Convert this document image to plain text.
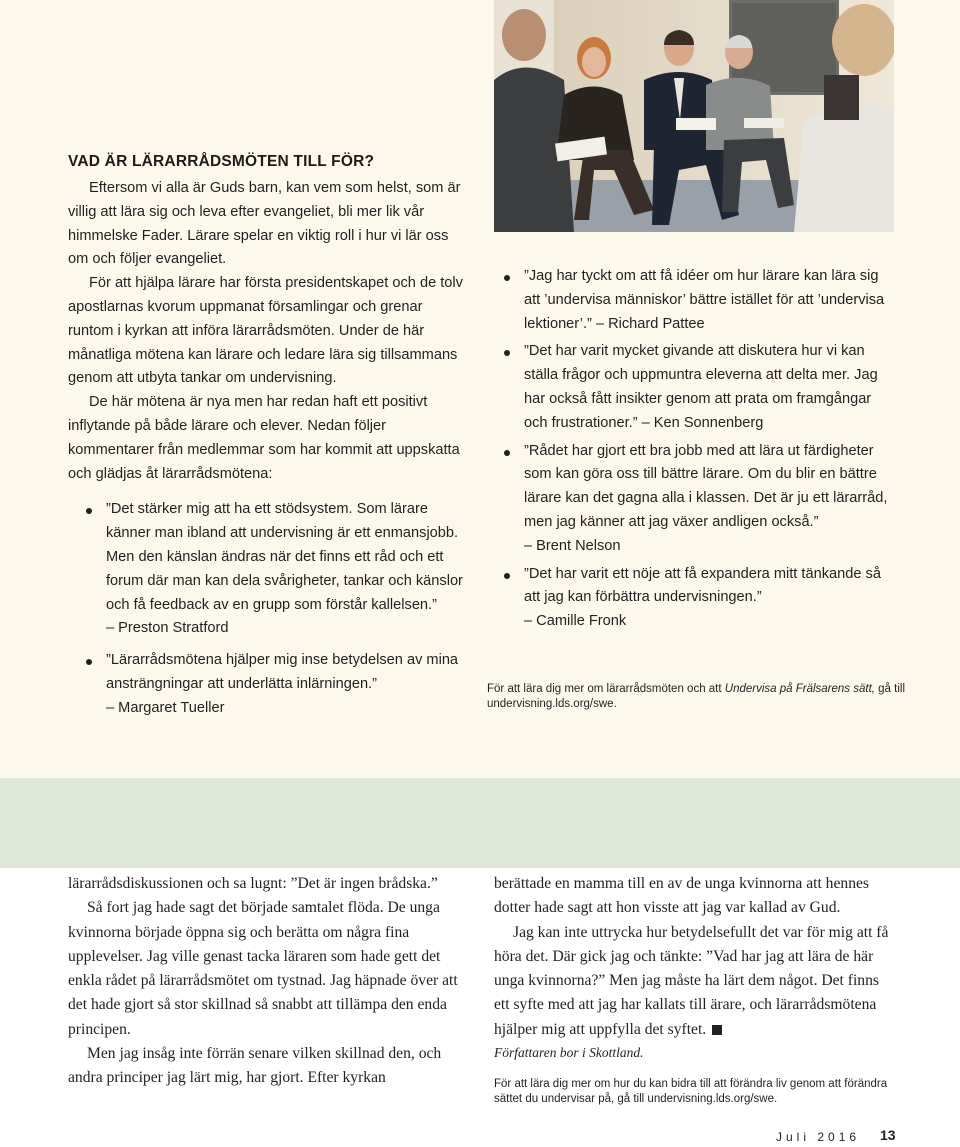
VAD ÄR LÄRARRÅDSMÖTEN TILL FÖR?

Eftersom vi alla är Guds barn, kan vem som helst, som är villig att lära sig och leva efter evangeliet, bli mer lik vår himmelske Fader. Lärare spelar en viktig roll i hur vi lär oss om och följer evangeliet.

För att hjälpa lärare har första presidentskapet och de tolv apostlarnas kvorum uppmanat församlingar och grenar runtom i kyrkan att införa lärarrådsmöten. Under de här månatliga mötena kan lärare och ledare lära sig tillsammans genom att utbyta tankar om undervisning.

De här mötena är nya men har redan haft ett positivt inflytande på både lärare och elever. Nedan följer kommentarer från medlemmar som har kommit att uppskatta och glädjas åt lärarrådsmötena:

”Det stärker mig att ha ett stödsystem. Som lärare känner man ibland att undervisning är ett enmansjobb. Men den känslan ändras när det finns ett råd och ett forum där man kan dela svårigheter, tankar och känslor och få feedback av en grupp som förstår kallelsen.”
– Preston Stratford
”Lärarrådsmötena hjälper mig inse betydelsen av mina ansträngningar att underlätta inlärningen.”
– Margaret Tueller
”Jag har tyckt om att få idéer om hur lärare kan lära sig att ’undervisa människor’ bättre istället för att ’undervisa lektioner’.” – Richard Pattee
”Det har varit mycket givande att diskutera hur vi kan ställa frågor och uppmuntra eleverna att delta mer. Jag har också fått insikter genom att prata om framgångar och frustrationer.” – Ken Sonnenberg
”Rådet har gjort ett bra jobb med att lära ut färdigheter som kan göra oss till bättre lärare. Om du blir en bättre lärare kan det gagna alla i klassen. Det är ju ett lärarråd, men jag känner att jag växer andligen också.”
– Brent Nelson
”Det har varit ett nöje att få expandera mitt tänkande så att jag kan förbättra undervisningen.”
– Camille Fronk
För att lära dig mer om lärarrådsmöten och att Undervisa på Frälsarens sätt, gå till undervisning.lds.org/swe.

lärarrådsdiskussionen och sa lugnt: ”Det är ingen brådska.”

Så fort jag hade sagt det började samtalet flöda. De unga kvinnorna började öppna sig och berätta om några fina upplevelser. Jag ville genast tacka läraren som hade gett det enkla rådet på lärarrådsmötet om tystnad. Jag häpnade över att det hade gjort så stor skillnad så snabbt att tillämpa den enda principen.

Men jag insåg inte förrän senare vilken skillnad den, och andra principer jag lärt mig, har gjort. Efter kyrkan

berättade en mamma till en av de unga kvinnorna att hennes dotter hade sagt att hon visste att jag var kallad av Gud.

Jag kan inte uttrycka hur betydelsefullt det var för mig att få höra det. Där gick jag och tänkte: ”Vad har jag att lära de här unga kvinnorna?” Men jag måste ha lärt dem något. Det finns ett syfte med att jag har kallats till ärare, och lärarrådsmötena hjälper mig att uppfylla det syftet.

Författaren bor i Skottland.

För att lära dig mer om hur du kan bidra till att förändra liv genom att förändra sättet du undervisar på, gå till undervisning.lds.org/swe.
Juli 2016 13
